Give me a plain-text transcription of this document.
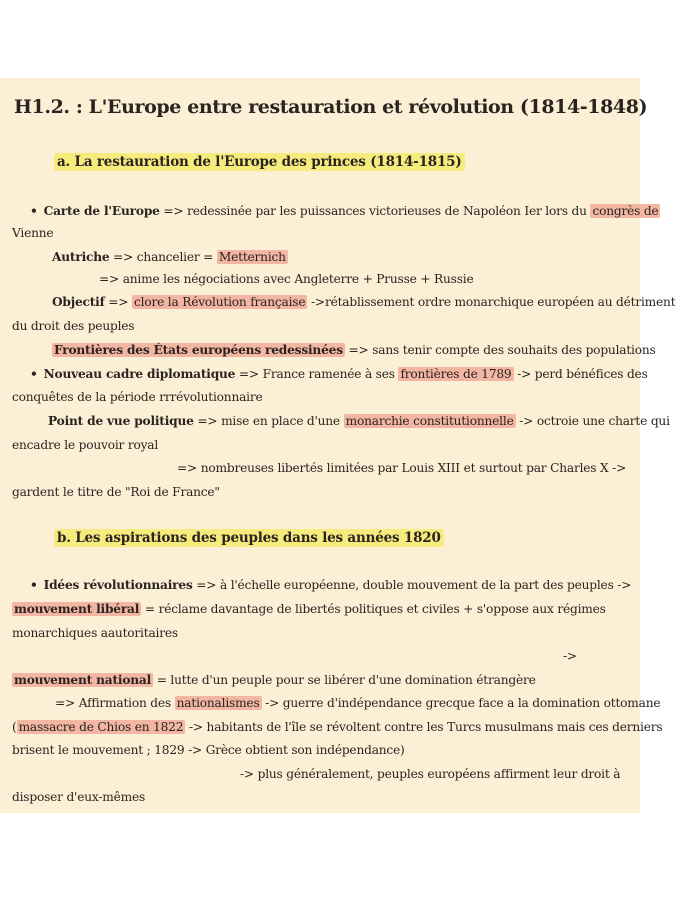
H1.2. : L'Europe entre restauration et révolution (1814-1848)
a. La restauration de l'Europe des princes (1814-1815)
• Carte de l'Europe => redessinée par les puissances victorieuses de Napoléon Ier lors du congrès de
Vienne
Autriche => chancelier = Metternich
=> anime les négociations avec Angleterre + Prusse + Russie
Objectif => clore la Révolution française ->rétablissement ordre monarchique européen au détriment
du droit des peuples
Frontières des États européens redessinées => sans tenir compte des souhaits des populations
• Nouveau cadre diplomatique => France ramenée à ses frontières de 1789 -> perd bénéfices des
conquêtes de la période rrrévolutionnaire
Point de vue politique => mise en place d'une monarchie constitutionnelle -> octroie une charte qui
encadre le pouvoir royal
=> nombreuses libertés limitées par Louis XIII et surtout par Charles X ->
gardent le titre de "Roi de France"
b. Les aspirations des peuples dans les années 1820
• Idées révolutionnaires => à l'échelle européenne, double mouvement de la part des peuples ->
mouvement libéral = réclame davantage de libertés politiques et civiles + s'oppose aux régimes
monarchiques aautoritaires
->
mouvement national = lutte d'un peuple pour se libérer d'une domination étrangère
=> Affirmation des nationalismes -> guerre d'indépendance grecque face a la domination ottomane
( massacre de Chios en 1822 -> habitants de l'île se révoltent contre les Turcs musulmans mais ces derniers
brisent le mouvement ; 1829 -> Grèce obtient son indépendance)
-> plus généralement, peuples européens affirment leur droit à
disposer d'eux-mêmes
